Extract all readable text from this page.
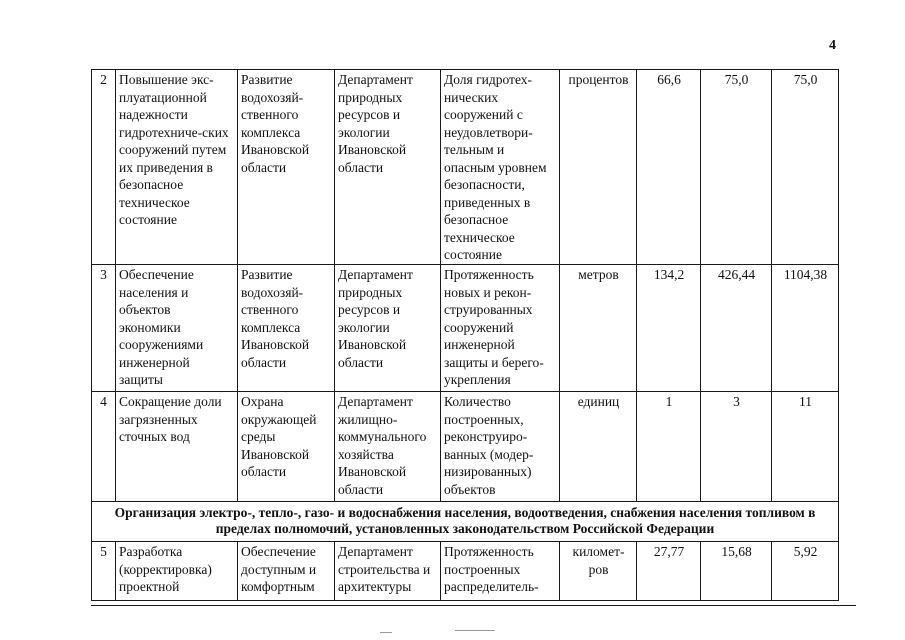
4
2	Повышение экс-плуатационной надежности гидротехниче-ских сооружений путем их приведения в безопасное техническое состояние	Развитие водохозяй-ственного комплекса Ивановской области	Департамент природных ресурсов и экологии Ивановской области	Доля гидротех-нических сооружений с неудовлетвори-тельным и опасным уровнем безопасности, приведенных в безопасное техническое состояние	процентов	66,6	75,0	75,0
3	Обеспечение населения и объектов экономики сооружениями инженерной защиты	Развитие водохозяй-ственного комплекса Ивановской области	Департамент природных ресурсов и экологии Ивановской области	Протяженность новых и рекон-струированных сооружений инженерной защиты и берего-укрепления	метров	134,2	426,44	1104,38
4	Сокращение доли загрязненных сточных вод	Охрана окружающей среды Ивановской области	Департамент жилищно-коммунального хозяйства Ивановской области	Количество построенных, реконструиро-ванных (модер-низированных) объектов	единиц	1	3	11
Организация электро-, тепло-, газо- и водоснабжения населения, водоотведения, снабжения населения топливом в пределах полномочий, установленных законодательством Российской Федерации								
5	Разработка (корректировка) проектной	Обеспечение доступным и комфортным	Департамент строительства и архитектуры	Протяженность построенных распределитель-	километ-ров	27,77	15,68	5,92
